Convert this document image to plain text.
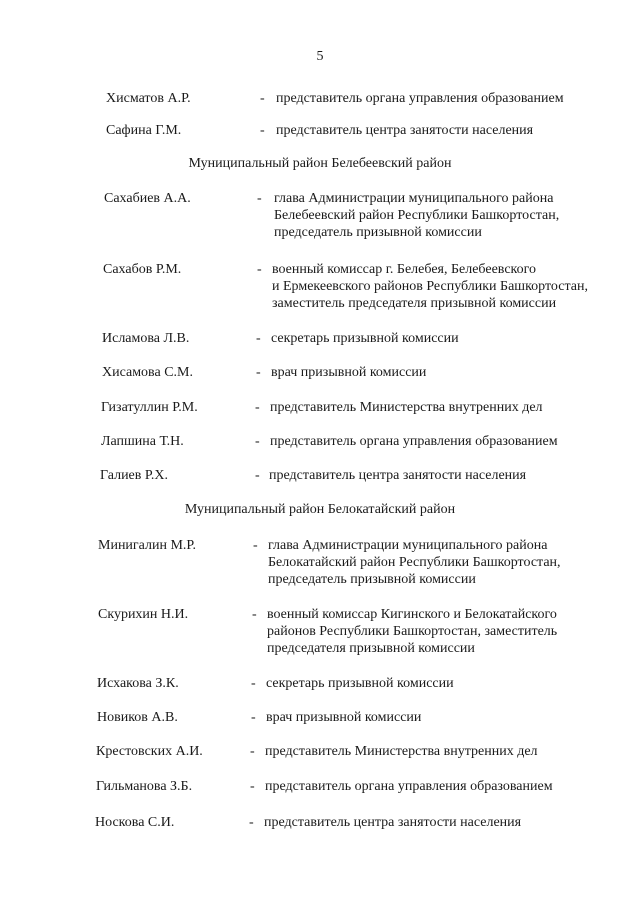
5
Хисматов А.Р.	- представитель органа управления образованием
Сафина Г.М.	- представитель центра занятости населения
Муниципальный район Белебеевский район
Сахабиев А.А.	- глава Администрации муниципального района
Белебеевский район Республики Башкортостан,
председатель призывной комиссии
Сахабов Р.М.	- военный комиссар г. Белебея, Белебеевского
и Ермекеевского районов Республики Башкортостан,
заместитель председателя призывной комиссии
Исламова Л.В.	- секретарь призывной комиссии
Хисамова С.М.	- врач призывной комиссии
Гизатуллин Р.М.	- представитель Министерства внутренних дел
Лапшина Т.Н.	- представитель органа управления образованием
Галиев Р.Х.	- представитель центра занятости населения
Муниципальный район Белокатайский район
Минигалин М.Р.	- глава Администрации муниципального района
Белокатайский район Республики Башкортостан,
председатель призывной комиссии
Скурихин Н.И.	- военный комиссар Кигинского и Белокатайского
районов Республики Башкортостан, заместитель
председателя призывной комиссии
Исхакова З.К.	- секретарь призывной комиссии
Новиков А.В.	- врач призывной комиссии
Крестовских А.И.	- представитель Министерства внутренних дел
Гильманова З.Б.	- представитель органа управления образованием
Носкова С.И.	- представитель центра занятости населения
